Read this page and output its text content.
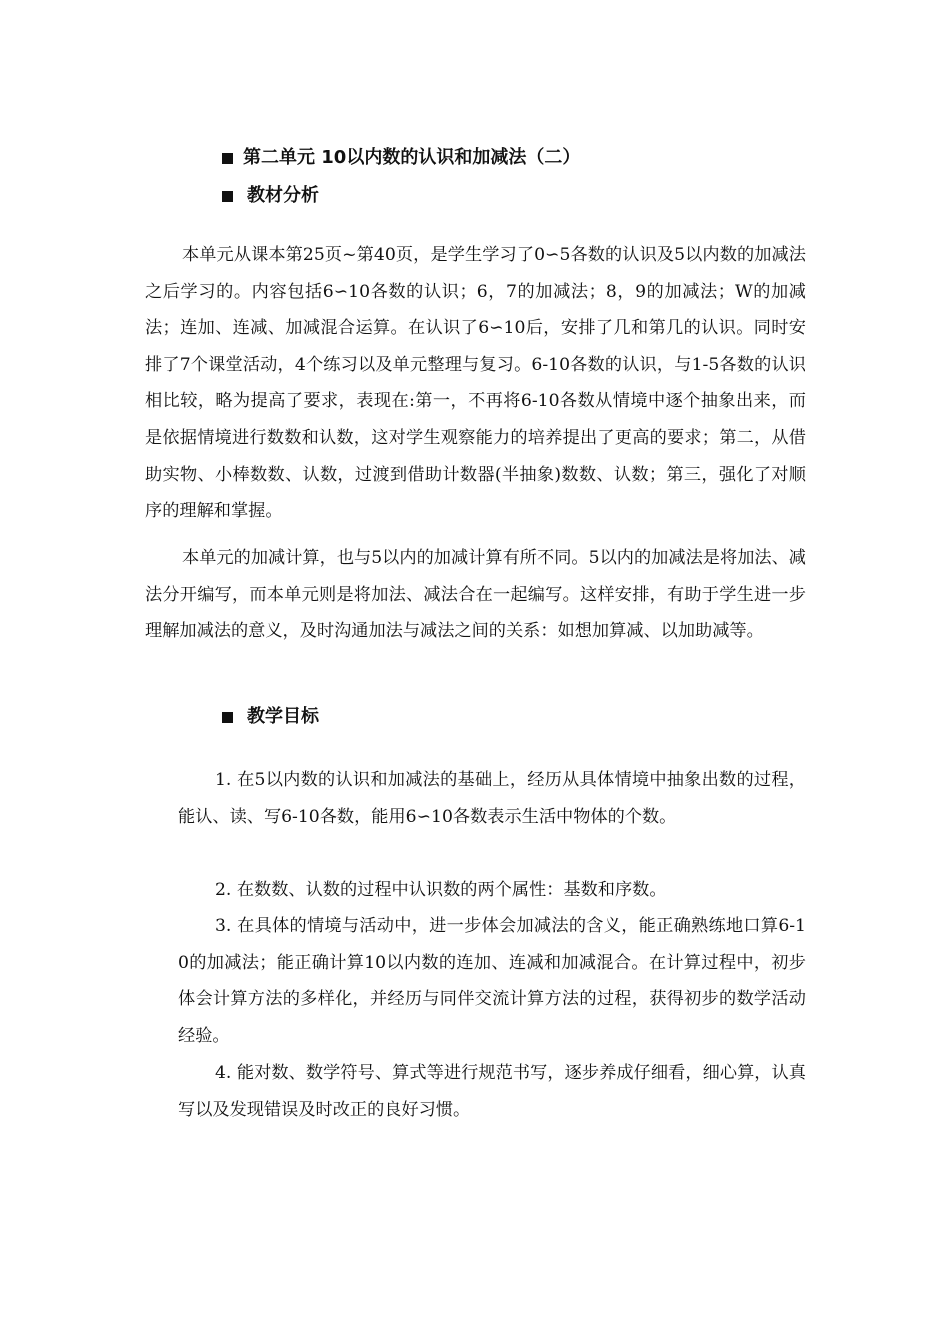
第二单元 10以内数的认识和加减法（二）
教材分析

本单元从课本第25页~第40页，是学生学习了0∽5各数的认识及5以内数的加减法之后学习的。内容包括6∽10各数的认识；6，7的加减法；8，9的加减法；W的加减法；连加、连减、加减混合运算。在认识了6∽10后，安排了几和第几的认识。同时安排了7个课堂活动，4个练习以及单元整理与复习。6-10各数的认识，与1-5各数的认识相比较，略为提高了要求，表现在:第一，不再将6-10各数从情境中逐个抽象出来，而是依据情境进行数数和认数，这对学生观察能力的培养提出了更高的要求；第二，从借助实物、小棒数数、认数，过渡到借助计数器(半抽象)数数、认数；第三，强化了对顺序的理解和掌握。

本单元的加减计算，也与5以内的加减计算有所不同。5以内的加减法是将加法、减法分开编写，而本单元则是将加法、减法合在一起编写。这样安排，有助于学生进一步理解加减法的意义，及时沟通加法与减法之间的关系：如想加算减、以加助减等。

教学目标

1. 在5以内数的认识和加减法的基础上，经历从具体情境中抽象出数的过程，能认、读、写6-10各数，能用6∽10各数表示生活中物体的个数。

2. 在数数、认数的过程中认识数的两个属性：基数和序数。

3. 在具体的情境与活动中，进一步体会加减法的含义，能正确熟练地口算6-10的加减法；能正确计算10以内数的连加、连减和加减混合。在计算过程中，初步体会计算方法的多样化，并经历与同伴交流计算方法的过程，获得初步的数学活动经验。

4. 能对数、数学符号、算式等进行规范书写，逐步养成仔细看，细心算，认真写以及发现错误及时改正的良好习惯。
